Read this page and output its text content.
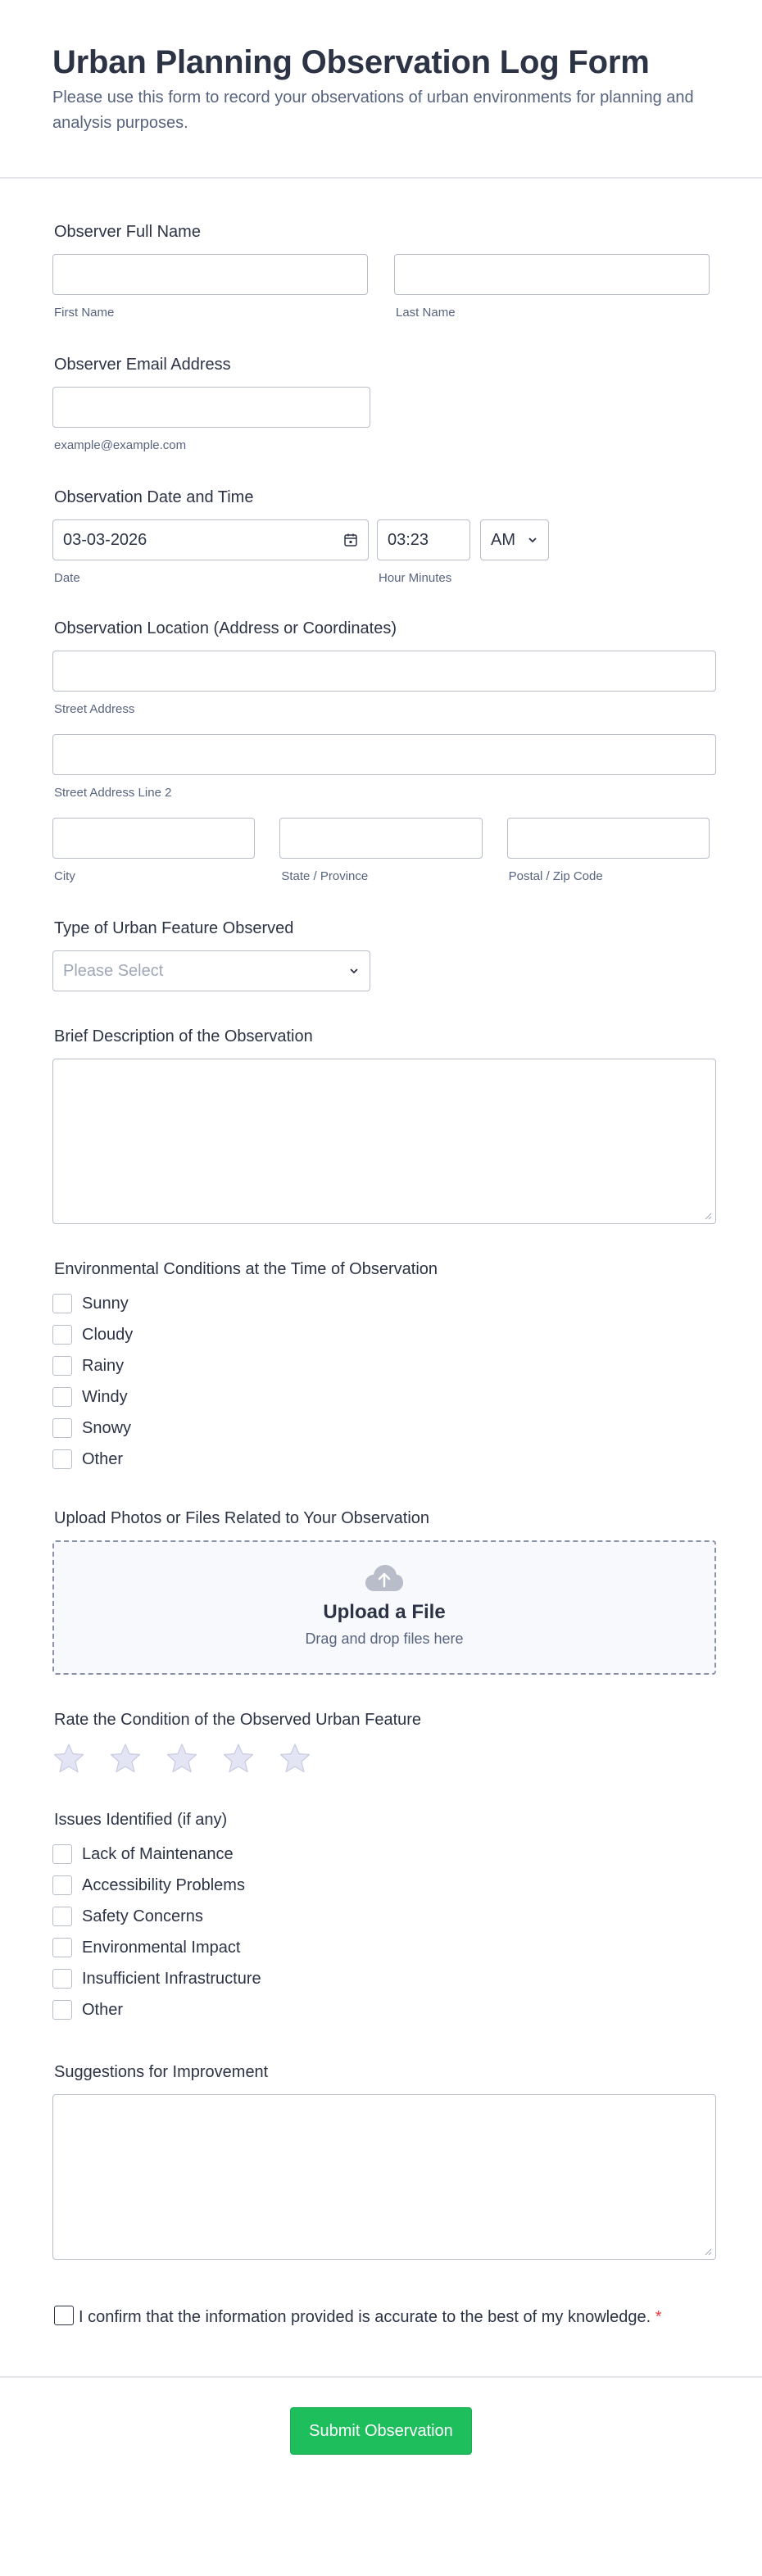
Urban Planning Observation Log Form

Please use this form to record your observations of urban environments for planning and analysis purposes.

Observer Full Name
First Name	Last Name
Observer Email Address
example@example.com
Observation Date and Time
03-03-2026
Date
03:23
Hour Minutes
AM
Observation Location (Address or Coordinates)
Street Address
Street Address Line 2
City	State / Province	Postal / Zip Code
Type of Urban Feature Observed
Please Select
Brief Description of the Observation
Environmental Conditions at the Time of Observation
Sunny
Cloudy
Rainy
Windy
Snowy
Other
Upload Photos or Files Related to Your Observation
Upload a File
Drag and drop files here
Rate the Condition of the Observed Urban Feature
Issues Identified (if any)
Lack of Maintenance
Accessibility Problems
Safety Concerns
Environmental Impact
Insufficient Infrastructure
Other
Suggestions for Improvement
I confirm that the information provided is accurate to the best of my knowledge. *
Submit Observation
